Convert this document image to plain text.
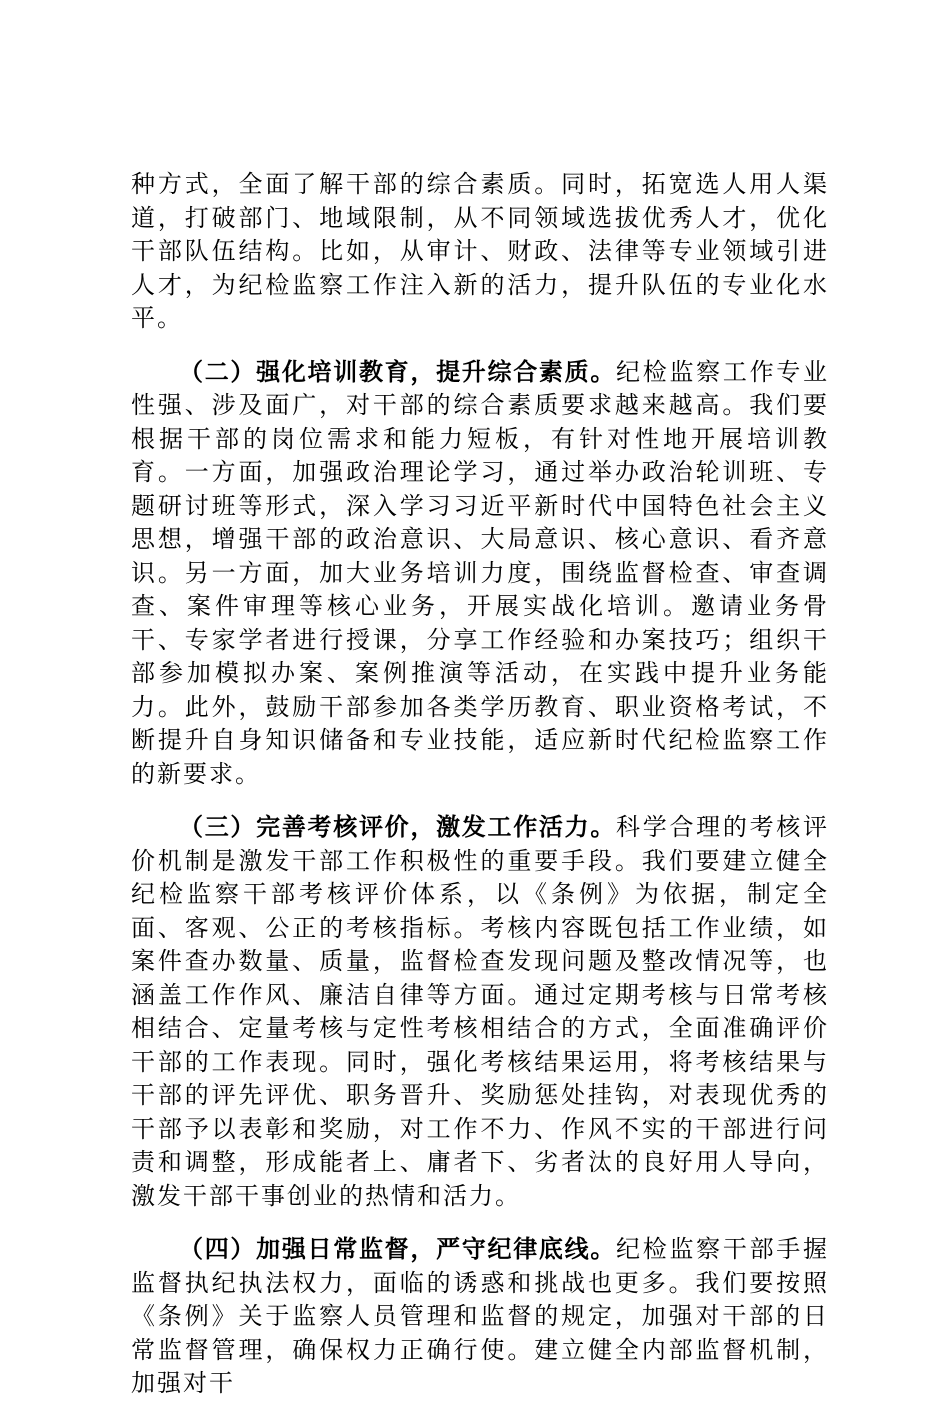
种方式，全面了解干部的综合素质。同时，拓宽选人用人渠道，打破部门、地域限制，从不同领域选拔优秀人才，优化干部队伍结构。比如，从审计、财政、法律等专业领域引进人才，为纪检监察工作注入新的活力，提升队伍的专业化水平。

（二）强化培训教育，提升综合素质。纪检监察工作专业性强、涉及面广，对干部的综合素质要求越来越高。我们要根据干部的岗位需求和能力短板，有针对性地开展培训教育。一方面，加强政治理论学习，通过举办政治轮训班、专题研讨班等形式，深入学习习近平新时代中国特色社会主义思想，增强干部的政治意识、大局意识、核心意识、看齐意识。另一方面，加大业务培训力度，围绕监督检查、审查调查、案件审理等核心业务，开展实战化培训。邀请业务骨干、专家学者进行授课，分享工作经验和办案技巧；组织干部参加模拟办案、案例推演等活动，在实践中提升业务能力。此外，鼓励干部参加各类学历教育、职业资格考试，不断提升自身知识储备和专业技能，适应新时代纪检监察工作的新要求。

（三）完善考核评价，激发工作活力。科学合理的考核评价机制是激发干部工作积极性的重要手段。我们要建立健全纪检监察干部考核评价体系，以《条例》为依据，制定全面、客观、公正的考核指标。考核内容既包括工作业绩，如案件查办数量、质量，监督检查发现问题及整改情况等，也涵盖工作作风、廉洁自律等方面。通过定期考核与日常考核相结合、定量考核与定性考核相结合的方式，全面准确评价干部的工作表现。同时，强化考核结果运用，将考核结果与干部的评先评优、职务晋升、奖励惩处挂钩，对表现优秀的干部予以表彰和奖励，对工作不力、作风不实的干部进行问责和调整，形成能者上、庸者下、劣者汰的良好用人导向，激发干部干事创业的热情和活力。

（四）加强日常监督，严守纪律底线。纪检监察干部手握监督执纪执法权力，面临的诱惑和挑战也更多。我们要按照《条例》关于监察人员管理和监督的规定，加强对干部的日常监督管理，确保权力正确行使。建立健全内部监督机制，加强对干
